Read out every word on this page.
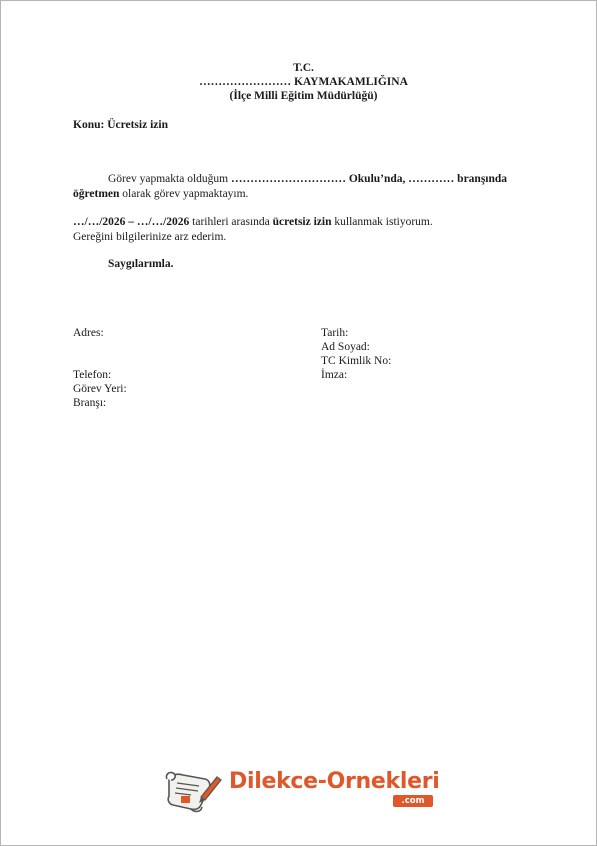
T.C.
…………………… KAYMAKAMLIĞINA
(İlçe Milli Eğitim Müdürlüğü)
Konu: Ücretsiz izin
Görev yapmakta olduğum ………………………… Okulu’nda, ………… branşında
öğretmen olarak görev yapmaktayım.
…/…/2026 – …/…/2026 tarihleri arasında ücretsiz izin kullanmak istiyorum.
Gereğini bilgilerinize arz ederim.
Saygılarımla.
Adres:
Telefon:
Görev Yeri:
Branşı:
Tarih:
Ad Soyad:
TC Kimlik No:
İmza:
Dilekce-Ornekleri
.com
